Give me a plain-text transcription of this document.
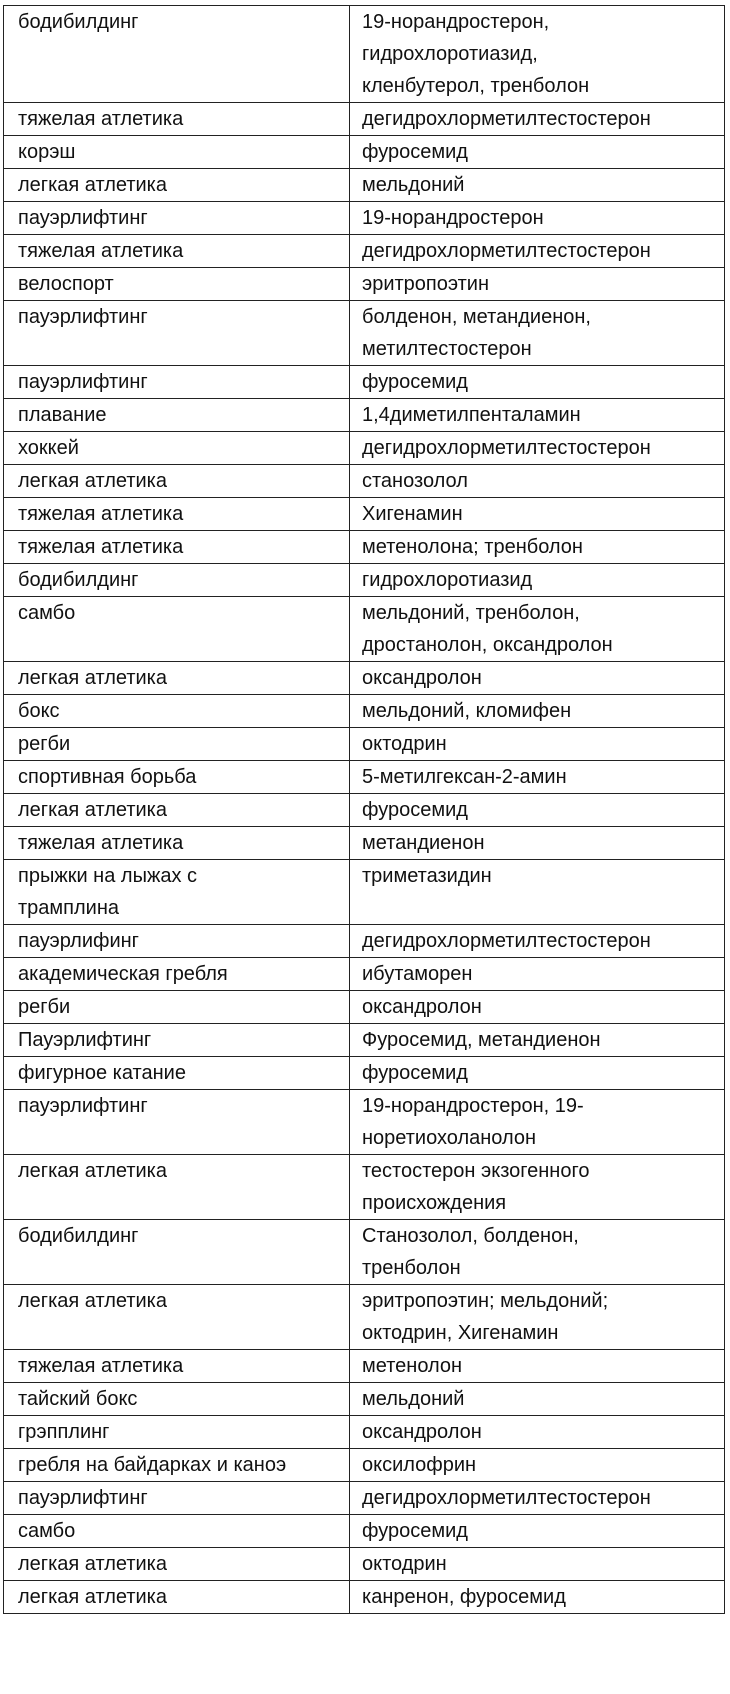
бодибилдинг	19-норандростерон,
гидрохлоротиазид,
кленбутерол, тренболон
тяжелая атлетика	дегидрохлорметилтестостерон
корэш	фуросемид
легкая атлетика	мельдоний
пауэрлифтинг	19-норандростерон
тяжелая атлетика	дегидрохлорметилтестостерон
велоспорт	эритропоэтин
пауэрлифтинг	болденон, метандиенон,
метилтестостерон
пауэрлифтинг	фуросемид
плавание	1,4диметилпенталамин
хоккей	дегидрохлорметилтестостерон
легкая атлетика	станозолол
тяжелая атлетика	Хигенамин
тяжелая атлетика	метенолона; тренболон
бодибилдинг	гидрохлоротиазид
самбо	мельдоний, тренболон,
дростанолон, оксандролон
легкая атлетика	оксандролон
бокс	мельдоний, кломифен
регби	октодрин
спортивная борьба	5-метилгексан-2-амин
легкая атлетика	фуросемид
тяжелая атлетика	метандиенон
прыжки на лыжах с
трамплина	триметазидин
пауэрлифинг	дегидрохлорметилтестостерон
академическая гребля	ибутаморен
регби	оксандролон
Пауэрлифтинг	Фуросемид, метандиенон
фигурное катание	фуросемид
пауэрлифтинг	19-норандростерон, 19-
норетиохоланолон
легкая атлетика	тестостерон экзогенного
происхождения
бодибилдинг	Станозолол, болденон,
тренболон
легкая атлетика	эритропоэтин; мельдоний;
октодрин, Хигенамин
тяжелая атлетика	метенолон
тайский бокс	мельдоний
грэпплинг	оксандролон
гребля на байдарках и каноэ	оксилофрин
пауэрлифтинг	дегидрохлорметилтестостерон
самбо	фуросемид
легкая атлетика	октодрин
легкая атлетика	канренон, фуросемид
